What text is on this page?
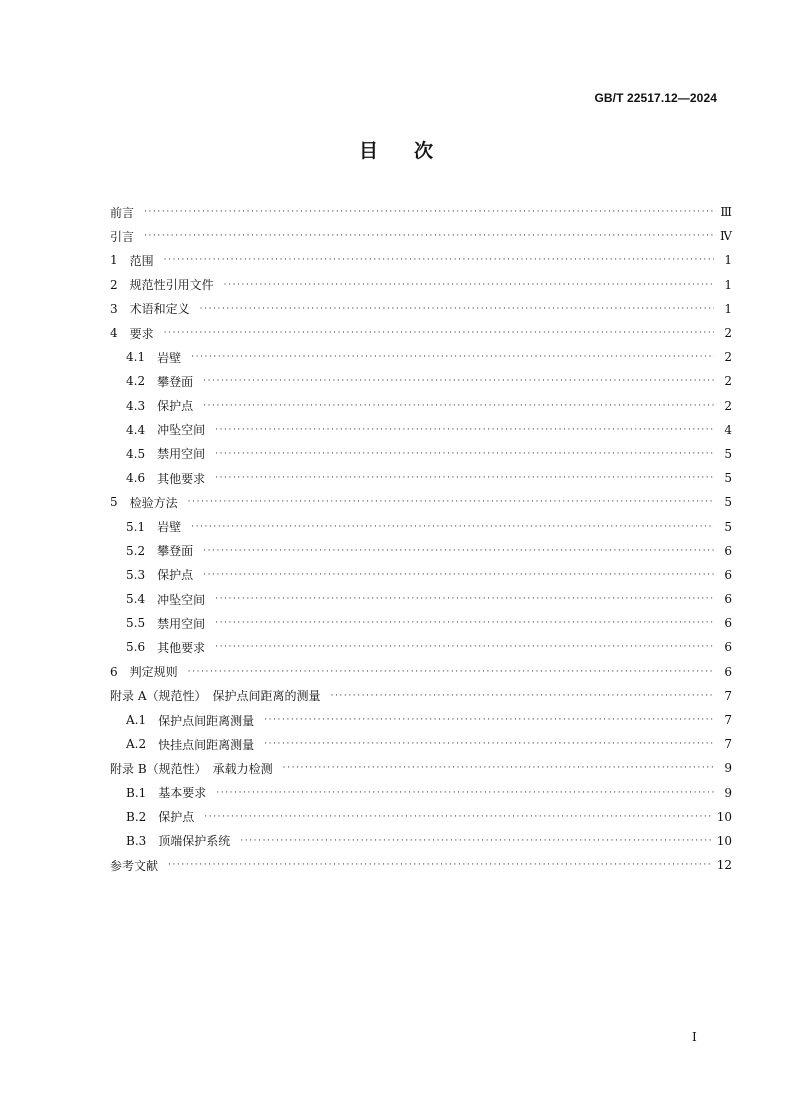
GB/T 22517.12—2024
目次
前言 ·····	Ⅲ
引言 ·····	Ⅳ
1 范围 ·····	1
2 规范性引用文件 ·····	1
3 术语和定义 ·····	1
4 要求 ·····	2
4.1 岩壁 ·····	2
4.2 攀登面 ·····	2
4.3 保护点 ·····	2
4.4 冲坠空间 ·····	4
4.5 禁用空间 ·····	5
4.6 其他要求 ·····	5
5 检验方法 ·····	5
5.1 岩壁 ·····	5
5.2 攀登面 ·····	6
5.3 保护点 ·····	6
5.4 冲坠空间 ·····	6
5.5 禁用空间 ·····	6
5.6 其他要求 ·····	6
6 判定规则 ·····	6
附录 A（规范性） 保护点间距离的测量 ·····	7
A.1 保护点间距离测量 ·····	7
A.2 快挂点间距离测量 ·····	7
附录 B（规范性） 承载力检测 ·····	9
B.1 基本要求 ·····	9
B.2 保护点 ·····	10
B.3 顶端保护系统 ·····	10
参考文献 ·····	12
Ⅰ
